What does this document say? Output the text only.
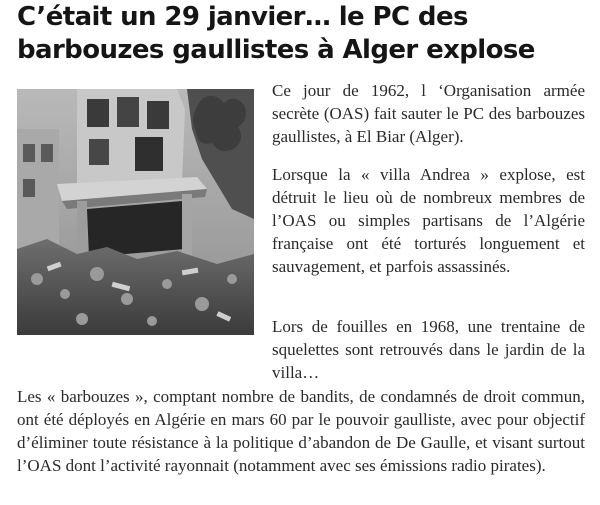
C’était un 29 janvier… le PC des barbouzes gaullistes à Alger explose

Ce jour de 1962, l ‘Organisation armée secrète (OAS) fait sauter le PC des barbouzes gaullistes, à El Biar (Alger).

Lorsque la « villa Andrea » explose, est détruit le lieu où de nombreux membres de l’OAS ou simples partisans de l’Algérie française ont été torturés longuement et sauvagement, et parfois assassinés.

Lors de fouilles en 1968, une trentaine de squelettes sont retrouvés dans le jardin de la villa…

Les « barbouzes », comptant nombre de bandits, de condamnés de droit commun, ont été déployés en Algérie en mars 60 par le pouvoir gaulliste, avec pour objectif d’éliminer toute résistance à la politique d’abandon de De Gaulle, et visant surtout l’OAS dont l’activité rayonnait (notamment avec ses émissions radio pirates).
